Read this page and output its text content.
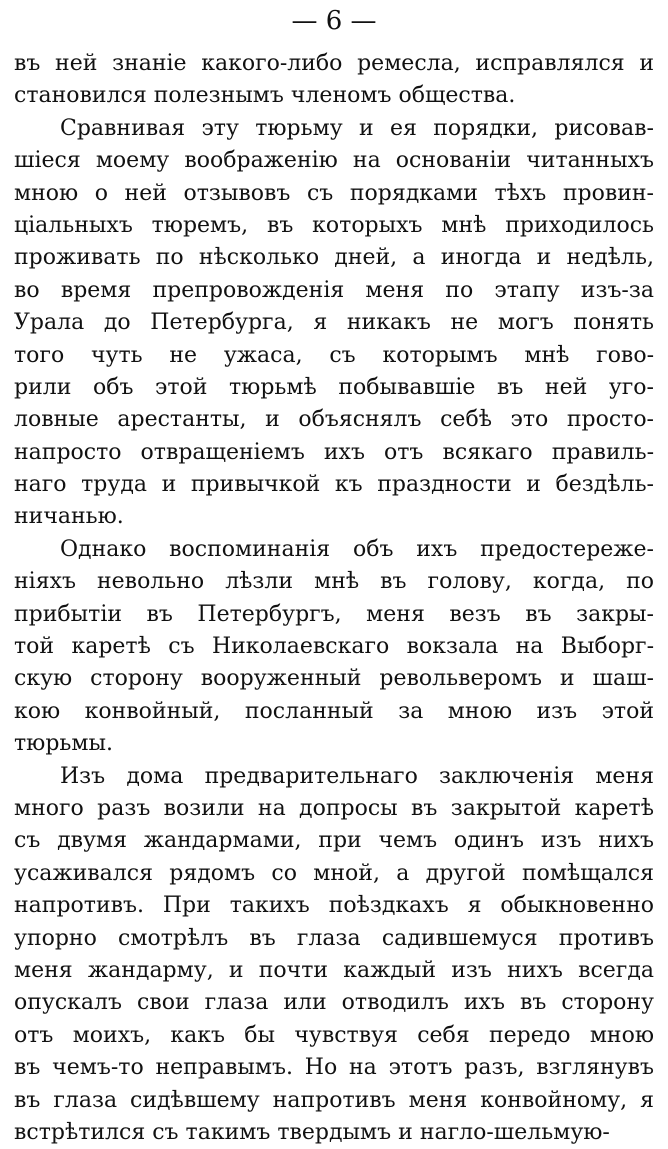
— 6 —
въ ней знаніе какого-либо ремесла, исправлялся и
становился полезнымъ членомъ общества.
Сравнивая эту тюрьму и ея порядки, рисовав-
шіеся моему воображенію на основаніи читанныхъ
мною о ней отзывовъ съ порядками тѣхъ провин-
ціальныхъ тюремъ, въ которыхъ мнѣ приходилось
проживать по нѣсколько дней, а иногда и недѣль,
во время препровожденія меня по этапу изъ-за
Урала до Петербурга, я никакъ не могъ понять
того чуть не ужаса, съ которымъ мнѣ гово-
рили объ этой тюрьмѣ побывавшіе въ ней уго-
ловные арестанты, и объяснялъ себѣ это просто-
напросто отвращеніемъ ихъ отъ всякаго правиль-
наго труда и привычкой къ праздности и бездѣль-
ничанью.
Однако воспоминанія объ ихъ предостереже-
ніяхъ невольно лѣзли мнѣ въ голову, когда, по
прибытіи въ Петербургъ, меня везъ въ закры-
той каретѣ съ Николаевскаго вокзала на Выборг-
скую сторону вооруженный револьверомъ и шаш-
кою конвойный, посланный за мною изъ этой
тюрьмы.
Изъ дома предварительнаго заключенія меня
много разъ возили на допросы въ закрытой каретѣ
съ двумя жандармами, при чемъ одинъ изъ нихъ
усаживался рядомъ со мной, а другой помѣщался
напротивъ. При такихъ поѣздкахъ я обыкновенно
упорно смотрѣлъ въ глаза садившемуся противъ
меня жандарму, и почти каждый изъ нихъ всегда
опускалъ свои глаза или отводилъ ихъ въ сторону
отъ моихъ, какъ бы чувствуя себя передо мною
въ чемъ-то неправымъ. Но на этотъ разъ, взглянувъ
въ глаза сидѣвшему напротивъ меня конвойному, я
встрѣтился съ такимъ твердымъ и нагло-шельмую-
